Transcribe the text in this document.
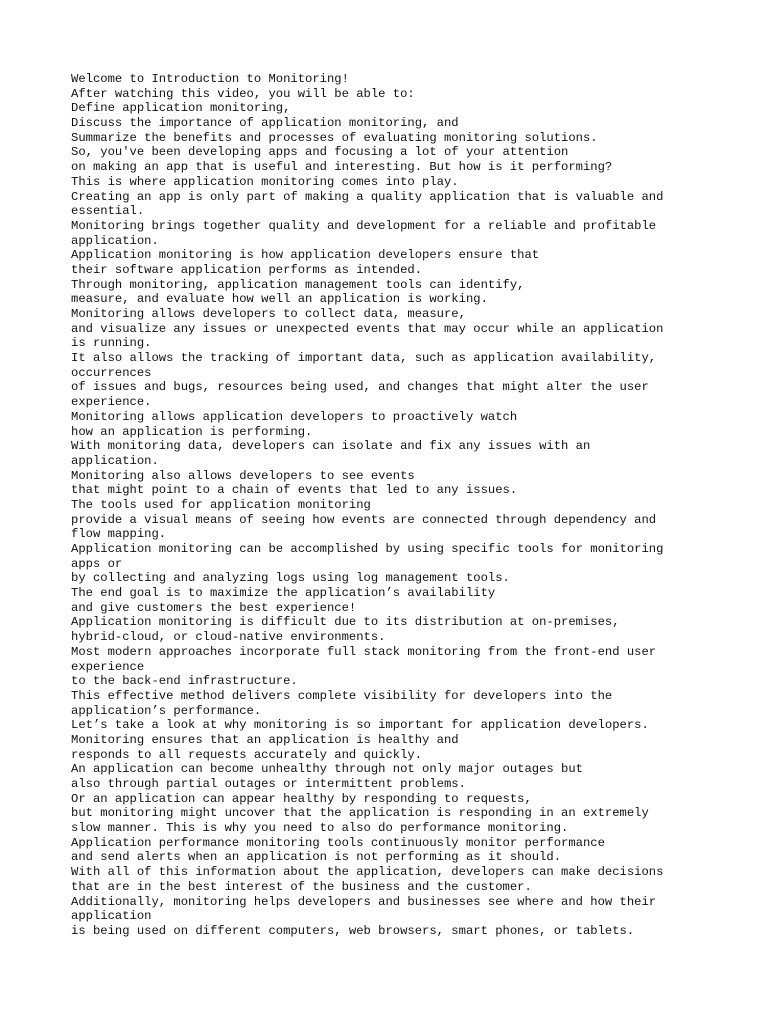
Welcome to Introduction to Monitoring!
After watching this video, you will be able to:
Define application monitoring,
Discuss the importance of application monitoring, and
Summarize the benefits and processes of evaluating monitoring solutions.
So, you've been developing apps and focusing a lot of your attention
on making an app that is useful and interesting. But how is it performing?
This is where application monitoring comes into play.
Creating an app is only part of making a quality application that is valuable and
essential.
Monitoring brings together quality and development for a reliable and profitable
application.
Application monitoring is how application developers ensure that
their software application performs as intended.
Through monitoring, application management tools can identify,
measure, and evaluate how well an application is working.
Monitoring allows developers to collect data, measure,
and visualize any issues or unexpected events that may occur while an application
is running.
It also allows the tracking of important data, such as application availability,
occurrences
of issues and bugs, resources being used, and changes that might alter the user
experience.
Monitoring allows application developers to proactively watch
how an application is performing.
With monitoring data, developers can isolate and fix any issues with an
application.
Monitoring also allows developers to see events
that might point to a chain of events that led to any issues.
The tools used for application monitoring
provide a visual means of seeing how events are connected through dependency and
flow mapping.
Application monitoring can be accomplished by using specific tools for monitoring
apps or
by collecting and analyzing logs using log management tools.
The end goal is to maximize the application’s availability
and give customers the best experience!
Application monitoring is difficult due to its distribution at on-premises,
hybrid-cloud, or cloud-native environments.
Most modern approaches incorporate full stack monitoring from the front-end user
experience
to the back-end infrastructure.
This effective method delivers complete visibility for developers into the
application’s performance.
Let’s take a look at why monitoring is so important for application developers.
Monitoring ensures that an application is healthy and
responds to all requests accurately and quickly.
An application can become unhealthy through not only major outages but
also through partial outages or intermittent problems.
Or an application can appear healthy by responding to requests,
but monitoring might uncover that the application is responding in an extremely
slow manner. This is why you need to also do performance monitoring.
Application performance monitoring tools continuously monitor performance
and send alerts when an application is not performing as it should.
With all of this information about the application, developers can make decisions
that are in the best interest of the business and the customer.
Additionally, monitoring helps developers and businesses see where and how their
application
is being used on different computers, web browsers, smart phones, or tablets.
